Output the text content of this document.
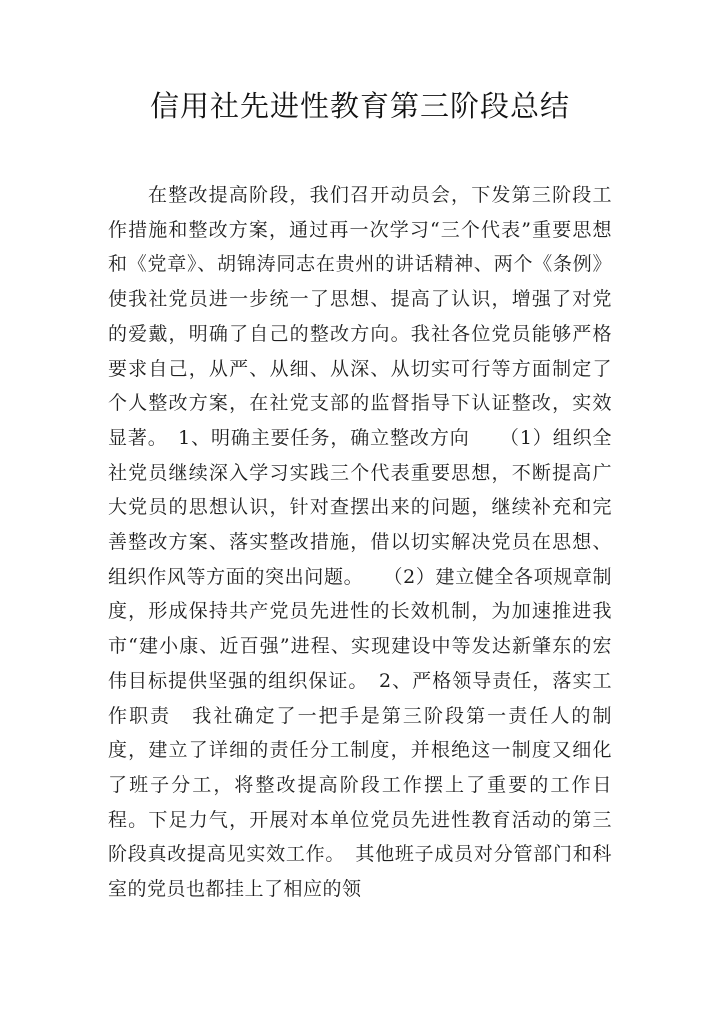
信用社先进性教育第三阶段总结

在整改提高阶段，我们召开动员会，下发第三阶段工作措施和整改方案，通过再一次学习“三个代表”重要思想和《党章》、胡锦涛同志在贵州的讲话精神、两个《条例》使我社党员进一步统一了思想、提高了认识，增强了对党的爱戴，明确了自己的整改方向。我社各位党员能够严格要求自己，从严、从细、从深、从切实可行等方面制定了个人整改方案，在社党支部的监督指导下认证整改，实效显著。　1、明确主要任务，确立整改方向　　（1）组织全社党员继续深入学习实践三个代表重要思想，不断提高广大党员的思想认识，针对查摆出来的问题，继续补充和完善整改方案、落实整改措施，借以切实解决党员在思想、组织作风等方面的突出问题。　　（2）建立健全各项规章制度，形成保持共产党员先进性的长效机制，为加速推进我市“建小康、近百强”进程、实现建设中等发达新肇东的宏伟目标提供坚强的组织保证。　2、严格领导责任，落实工作职责　我社确定了一把手是第三阶段第一责任人的制度，建立了详细的责任分工制度，并根绝这一制度又细化了班子分工，将整改提高阶段工作摆上了重要的工作日程。下足力气，开展对本单位党员先进性教育活动的第三阶段真改提高见实效工作。　其他班子成员对分管部门和科室的党员也都挂上了相应的领
